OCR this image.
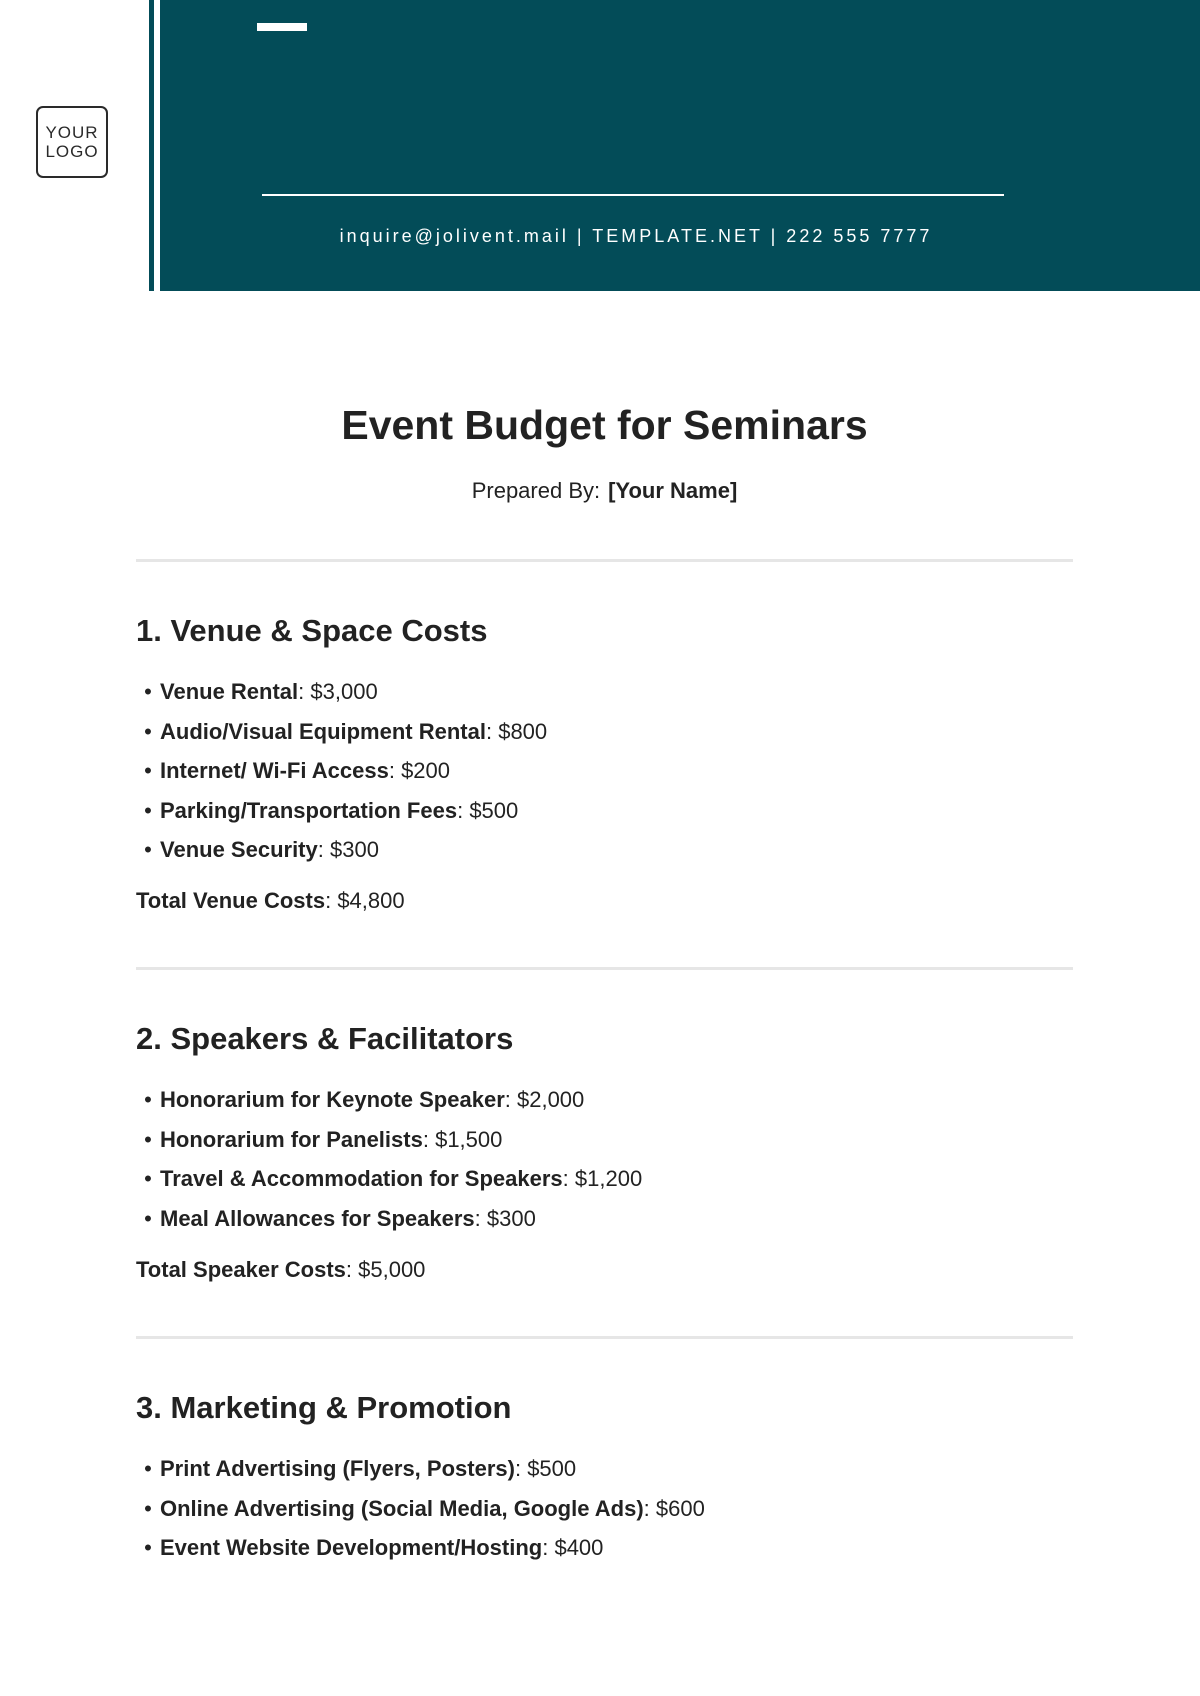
YOUR
LOGO
inquire@jolivent.mail | TEMPLATE.NET | 222 555 7777
Event Budget for Seminars
Prepared By: [Your Name]
1. Venue & Space Costs
• Venue Rental: $3,000
• Audio/Visual Equipment Rental: $800
• Internet/ Wi-Fi Access: $200
• Parking/Transportation Fees: $500
• Venue Security: $300
Total Venue Costs: $4,800
2. Speakers & Facilitators
• Honorarium for Keynote Speaker: $2,000
• Honorarium for Panelists: $1,500
• Travel & Accommodation for Speakers: $1,200
• Meal Allowances for Speakers: $300
Total Speaker Costs: $5,000
3. Marketing & Promotion
• Print Advertising (Flyers, Posters): $500
• Online Advertising (Social Media, Google Ads): $600
• Event Website Development/Hosting: $400
